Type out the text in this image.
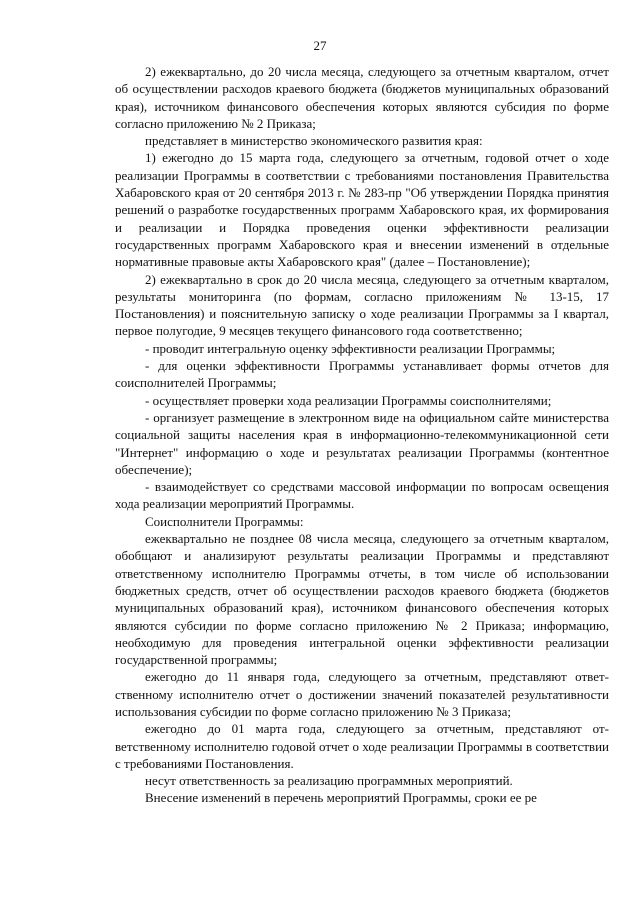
27

2) ежеквартально, до 20 числа месяца, следующего за отчетным кварталом, отчет об осуществлении расходов краевого бюджета (бюджетов муниципальных образований края), источником финансового обеспечения которых являются субсидия по форме согласно приложению № 2 Приказа;

представляет в министерство экономического развития края:

1) ежегодно до 15 марта года, следующего за отчетным, годовой отчет о ходе реализации Программы в соответствии с требованиями постановления Правительства Хабаровского края от 20 сентября 2013 г. № 283-пр "Об утверждении Порядка принятия решений о разработке государственных программ Хабаровского края, их формирования и реализации и Порядка проведения оценки эффективности реализации государственных программ Хабаровского края и внесении изменений в отдельные нормативные правовые акты Хабаровского края" (далее – Постановление);

2) ежеквартально в срок до 20 числа месяца, следующего за отчетным кварталом, результаты мониторинга (по формам, согласно приложениям № 13-15, 17 Постановления) и пояснительную записку о ходе реализации Программы за I квартал, первое полугодие, 9 месяцев текущего финансового года соответственно;

- проводит интегральную оценку эффективности реализации Программы;

- для оценки эффективности Программы устанавливает формы отчетов для соисполнителей Программы;

- осуществляет проверки хода реализации Программы соисполнителями;

- организует размещение в электронном виде на официальном сайте министерства социальной защиты населения края в информационно-телекоммуникационной сети "Интернет" информацию о ходе и результатах реализации Программы (контентное обеспечение);

- взаимодействует со средствами массовой информации по вопросам освещения хода реализации мероприятий Программы.

Соисполнители Программы:

ежеквартально не позднее 08 числа месяца, следующего за отчетным кварталом, обобщают и анализируют результаты реализации Программы и представляют ответственному исполнителю Программы отчеты, в том числе об использовании бюджетных средств, отчет об осуществлении расходов краевого бюджета (бюджетов муниципальных образований края), источником финансового обеспечения которых являются субсидии по форме согласно приложению № 2 Приказа; информацию, необходимую для проведения интегральной оценки эффективности реализации государственной программы;

ежегодно до 11 января года, следующего за отчетным, представляют ответственному исполнителю отчет о достижении значений показателей результативности использования субсидии по форме согласно приложению № 3 Приказа;

ежегодно до 01 марта года, следующего за отчетным, представляют ответственному исполнителю годовой отчет о ходе реализации Программы в соответствии с требованиями Постановления.

несут ответственность за реализацию программных мероприятий.

Внесение изменений в перечень мероприятий Программы, сроки ее ре
